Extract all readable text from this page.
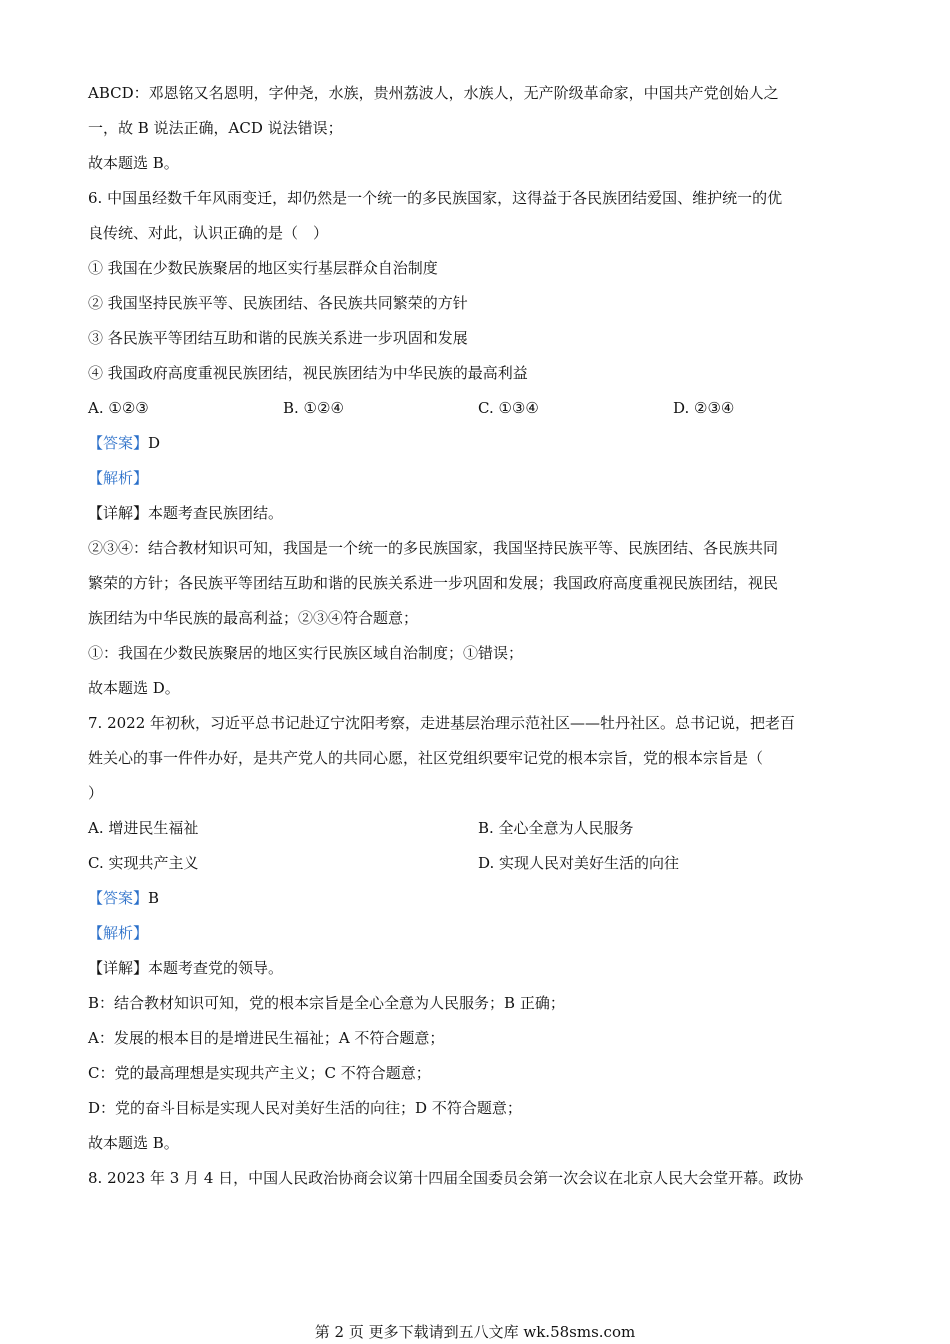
ABCD：邓恩铭又名恩明，字仲尧，水族，贵州荔波人，水族人，无产阶级革命家，中国共产党创始人之
一，故 B 说法正确，ACD 说法错误；
故本题选 B。
6. 中国虽经数千年风雨变迁，却仍然是一个统一的多民族国家，这得益于各民族团结爱国、维护统一的优
良传统、对此，认识正确的是（　）
① 我国在少数民族聚居的地区实行基层群众自治制度
② 我国坚持民族平等、民族团结、各民族共同繁荣的方针
③ 各民族平等团结互助和谐的民族关系进一步巩固和发展
④ 我国政府高度重视民族团结，视民族团结为中华民族的最高利益
A. ①②③	B. ①②④	C. ①③④	D. ②③④
【答案】D
【解析】
【详解】本题考查民族团结。
②③④：结合教材知识可知，我国是一个统一的多民族国家，我国坚持民族平等、民族团结、各民族共同
繁荣的方针；各民族平等团结互助和谐的民族关系进一步巩固和发展；我国政府高度重视民族团结，视民
族团结为中华民族的最高利益；②③④符合题意；
①：我国在少数民族聚居的地区实行民族区域自治制度；①错误；
故本题选 D。
7. 2022 年初秋，习近平总书记赴辽宁沈阳考察，走进基层治理示范社区——牡丹社区。总书记说，把老百
姓关心的事一件件办好，是共产党人的共同心愿，社区党组织要牢记党的根本宗旨，党的根本宗旨是（
）
A. 增进民生福祉	B. 全心全意为人民服务
C. 实现共产主义	D. 实现人民对美好生活的向往
【答案】B
【解析】
【详解】本题考查党的领导。
B：结合教材知识可知，党的根本宗旨是全心全意为人民服务；B 正确；
A：发展的根本目的是增进民生福祉；A 不符合题意；
C：党的最高理想是实现共产主义；C 不符合题意；
D：党的奋斗目标是实现人民对美好生活的向往；D 不符合题意；
故本题选 B。
8. 2023 年 3 月 4 日，中国人民政治协商会议第十四届全国委员会第一次会议在北京人民大会堂开幕。政协
第 2 页 更多下载请到五八文库 wk.58sms.com
